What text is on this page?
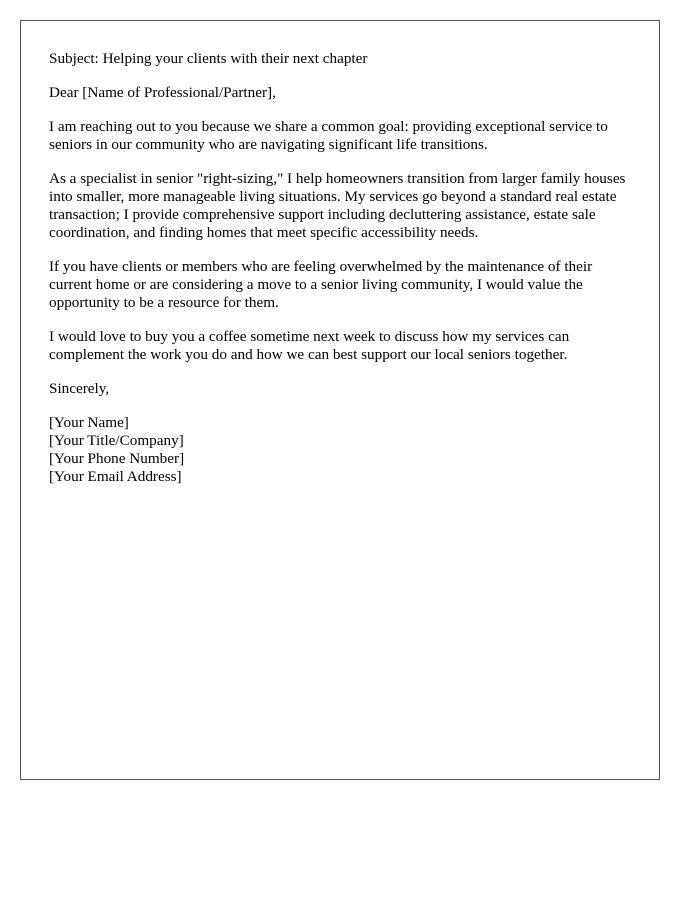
Subject: Helping your clients with their next chapter

Dear [Name of Professional/Partner],

I am reaching out to you because we share a common goal: providing exceptional service to seniors in our community who are navigating significant life transitions.

As a specialist in senior "right-sizing," I help homeowners transition from larger family houses into smaller, more manageable living situations. My services go beyond a standard real estate transaction; I provide comprehensive support including decluttering assistance, estate sale coordination, and finding homes that meet specific accessibility needs.

If you have clients or members who are feeling overwhelmed by the maintenance of their current home or are considering a move to a senior living community, I would value the opportunity to be a resource for them.

I would love to buy you a coffee sometime next week to discuss how my services can complement the work you do and how we can best support our local seniors together.

Sincerely,

[Your Name]
[Your Title/Company]
[Your Phone Number]
[Your Email Address]
